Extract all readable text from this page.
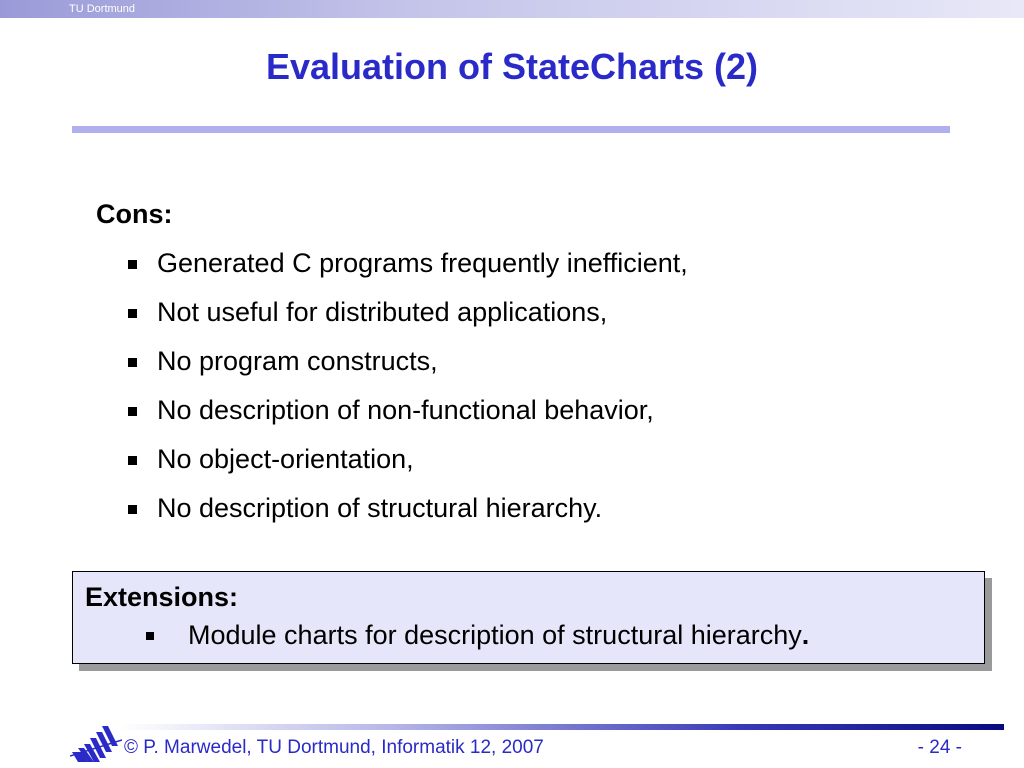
TU Dortmund
Evaluation of StateCharts (2)
Cons:
Generated C programs frequently inefficient,
Not useful for distributed applications,
No program constructs,
No description of non-functional behavior,
No object-orientation,
No description of structural hierarchy.
Extensions:
Module charts for description of structural hierarchy.
© P. Marwedel, TU Dortmund, Informatik 12, 2007	- 24 -
